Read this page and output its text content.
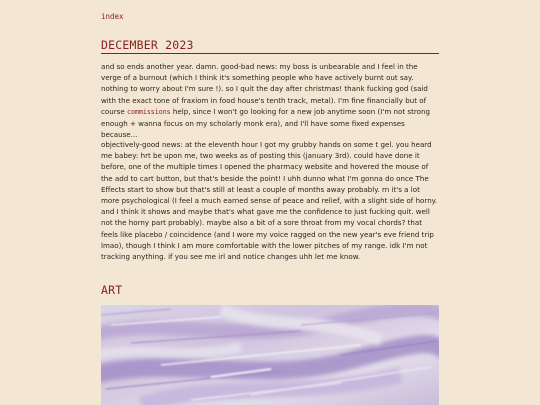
index
DECEMBER 2023

and so ends another year. damn. good-bad news: my boss is unbearable and I feel in the verge of a burnout (which I think it's something people who have actively burnt out say. nothing to worry about I'm sure !). so I quit the day after christmas! thank fucking god (said with the exact tone of fraxiom in food house's tenth track, metal). I'm fine financially but of course commissions help, since I won't go looking for a new job anytime soon (I'm not strong enough + wanna focus on my scholarly monk era), and I'll have some fixed expenses because...

objectively-good news: at the eleventh hour I got my grubby hands on some t gel. you heard me babey: hrt be upon me, two weeks as of posting this (january 3rd). could have done it before, one of the multiple times I opened the pharmacy website and hovered the mouse of the add to cart button, but that's beside the point! I uhh dunno what I'm gonna do once The Effects start to show but that's still at least a couple of months away probably. rn it's a lot more psychological (I feel a much earned sense of peace and relief, with a slight side of horny. and I think it shows and maybe that's what gave me the confidence to just fucking quit. well not the horny part probably). maybe also a bit of a sore throat from my vocal chords? that feels like placebo / coincidence (and I wore my voice ragged on the new year's eve friend trip lmao), though I think I am more comfortable with the lower pitches of my range. idk I'm not tracking anything. if you see me irl and notice changes uhh let me know.

ART
